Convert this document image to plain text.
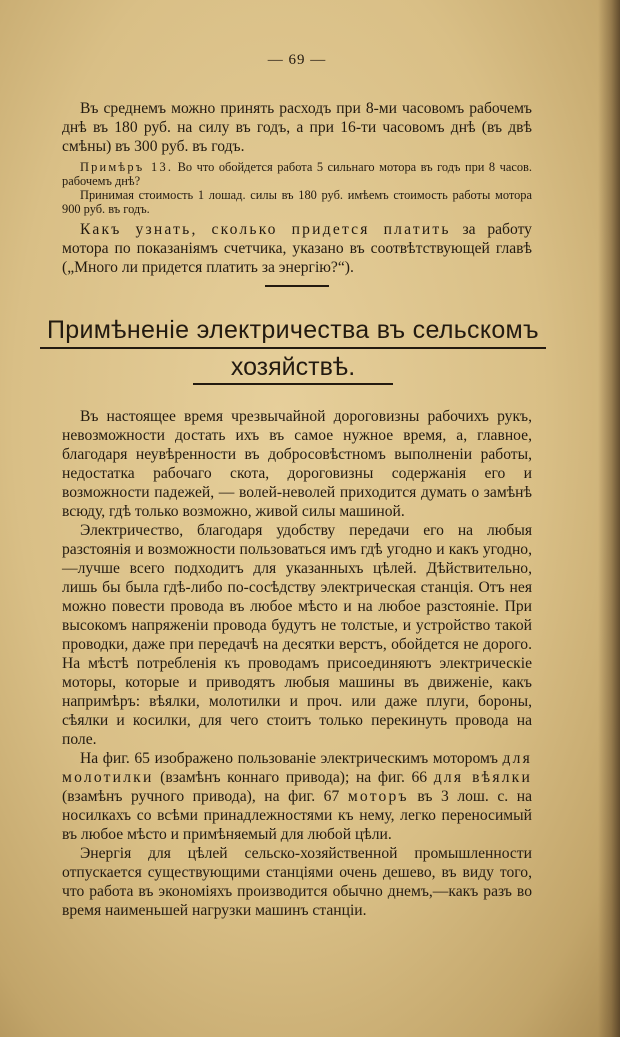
— 69 —

Въ среднемъ можно принять расходъ при 8-ми часовомъ рабочемъ днѣ въ 180 руб. на силу въ годъ, а при 16-ти часовомъ днѣ (въ двѣ смѣны) въ 300 руб. въ годъ.

Примѣръ 13. Во что обойдется работа 5 сильнаго мотора въ годъ при 8 часов. рабочемъ днѣ?

Принимая стоимость 1 лошад. силы въ 180 руб. имѣемъ стоимость работы мотора 900 руб. въ годъ.

Какъ узнать, сколько придется платить за работу мотора по показаніямъ счетчика, указано въ соотвѣтствующей главѣ („Много ли придется платить за энергію?“).

Примѣненіе электричества въ сельскомъ
хозяйствѣ.

Въ настоящее время чрезвычайной дороговизны рабочихъ рукъ, невозможности достать ихъ въ самое нужное время, а, главное, благодаря неувѣренности въ добросовѣстномъ выполненіи работы, недостатка рабочаго скота, дороговизны содержанія его и возможности падежей, — волей-неволей приходится думать о замѣнѣ всюду, гдѣ только возможно, живой силы машиной.

Электричество, благодаря удобству передачи его на любыя разстоянія и возможности пользоваться имъ гдѣ угодно и какъ угодно,—лучше всего подходитъ для указанныхъ цѣлей. Дѣйствительно, лишь бы была гдѣ-либо по-сосѣдству электрическая станція. Отъ нея можно повести провода въ любое мѣсто и на любое разстояніе. При высокомъ напряженіи провода будутъ не толстые, и устройство такой проводки, даже при передачѣ на десятки верстъ, обойдется не дорого. На мѣстѣ потребленія къ проводамъ присоединяютъ электрическіе моторы, которые и приводятъ любыя машины въ движеніе, какъ напримѣръ: вѣялки, молотилки и проч. или даже плуги, бороны, сѣялки и косилки, для чего стоитъ только перекинуть провода на поле.

На фиг. 65 изображено пользованіе электрическимъ моторомъ для молотилки (взамѣнъ коннаго привода); на фиг. 66 для вѣялки (взамѣнъ ручного привода), на фиг. 67 моторъ въ 3 лош. с. на носилкахъ со всѣми принадлежностями къ нему, легко переносимый въ любое мѣсто и примѣняемый для любой цѣли.

Энергія для цѣлей сельско-хозяйственной промышленности отпускается существующими станціями очень дешево, въ виду того, что работа въ экономіяхъ производится обычно днемъ,—какъ разъ во время наименьшей нагрузки машинъ станціи.
